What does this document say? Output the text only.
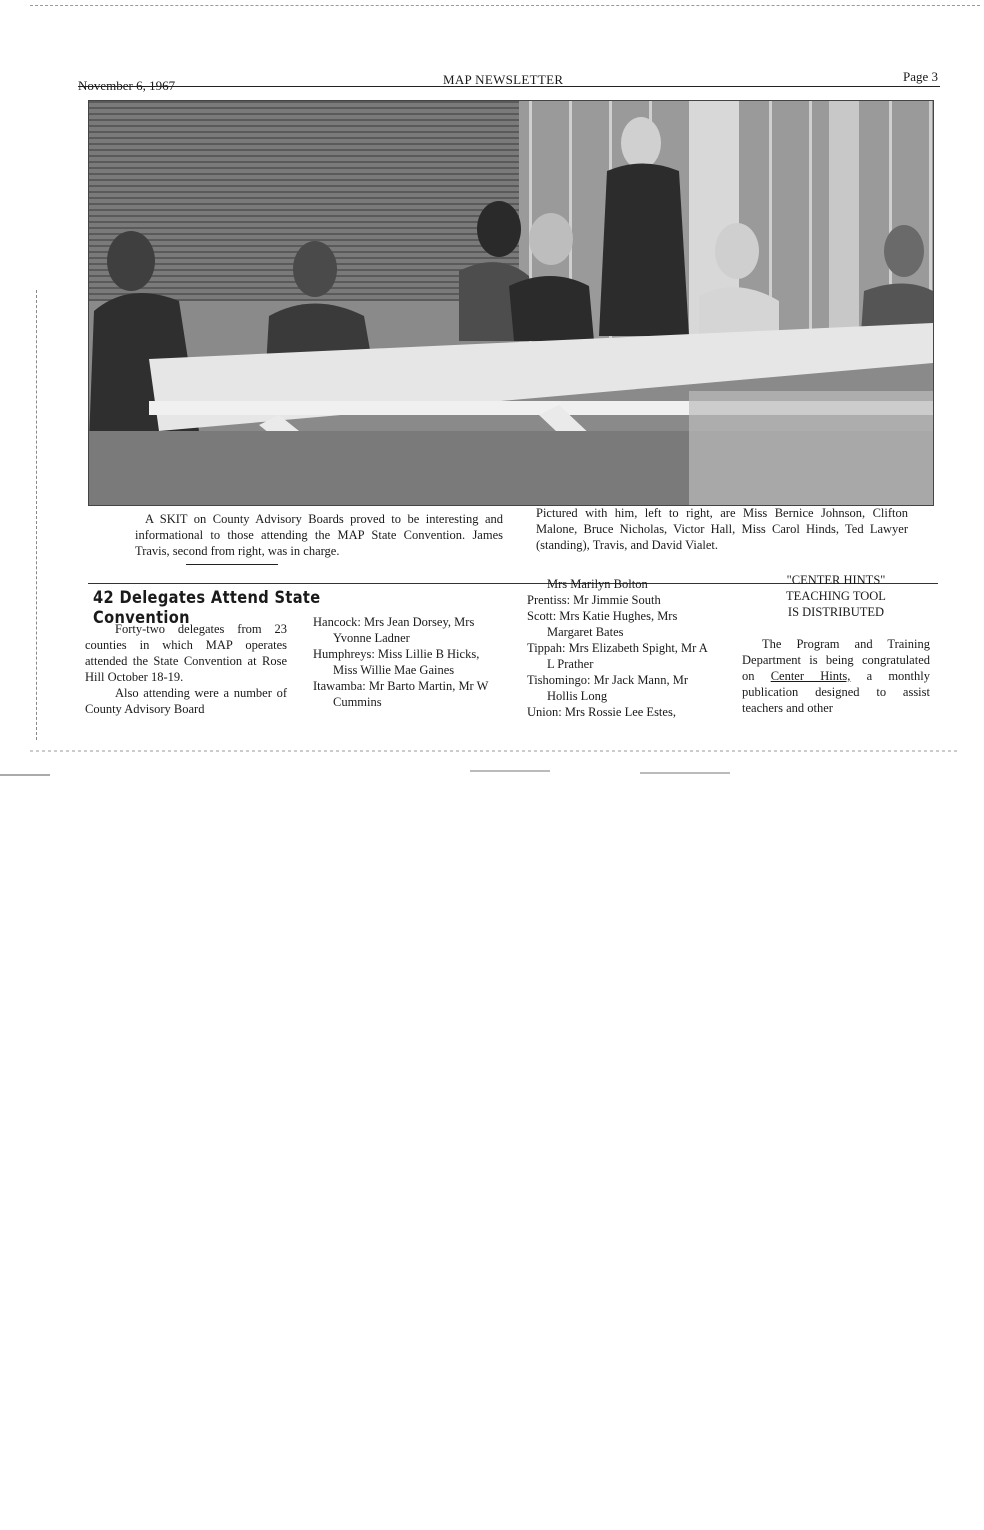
November 6, 1967	MAP NEWSLETTER	Page 3
A SKIT on County Advisory Boards proved to be interesting and informational to those attending the MAP State Convention. James Travis, second from right, was in charge.
Pictured with him, left to right, are Miss Bernice Johnson, Clifton Malone, Bruce Nicholas, Victor Hall, Miss Carol Hinds, Ted Lawyer (standing), Travis, and David Vialet.
42 Delegates Attend State Convention
Forty-two delegates from 23 counties in which MAP operates attended the State Convention at Rose Hill October 18-19.
Also attending were a number of County Advisory Board
Hancock: Mrs Jean Dorsey, Mrs Yvonne Ladner
Humphreys: Miss Lillie B Hicks, Miss Willie Mae Gaines
Itawamba: Mr Barto Martin, Mr W Cummins
Mrs Marilyn Bolton
Prentiss: Mr Jimmie South
Scott: Mrs Katie Hughes, Mrs Margaret Bates
Tippah: Mrs Elizabeth Spight, Mr A L Prather
Tishomingo: Mr Jack Mann, Mr Hollis Long
Union: Mrs Rossie Lee Estes,
"CENTER HINTS"
TEACHING TOOL
IS DISTRIBUTED
The Program and Training Department is being congratulated on Center Hints, a monthly publication designed to assist teachers and other
